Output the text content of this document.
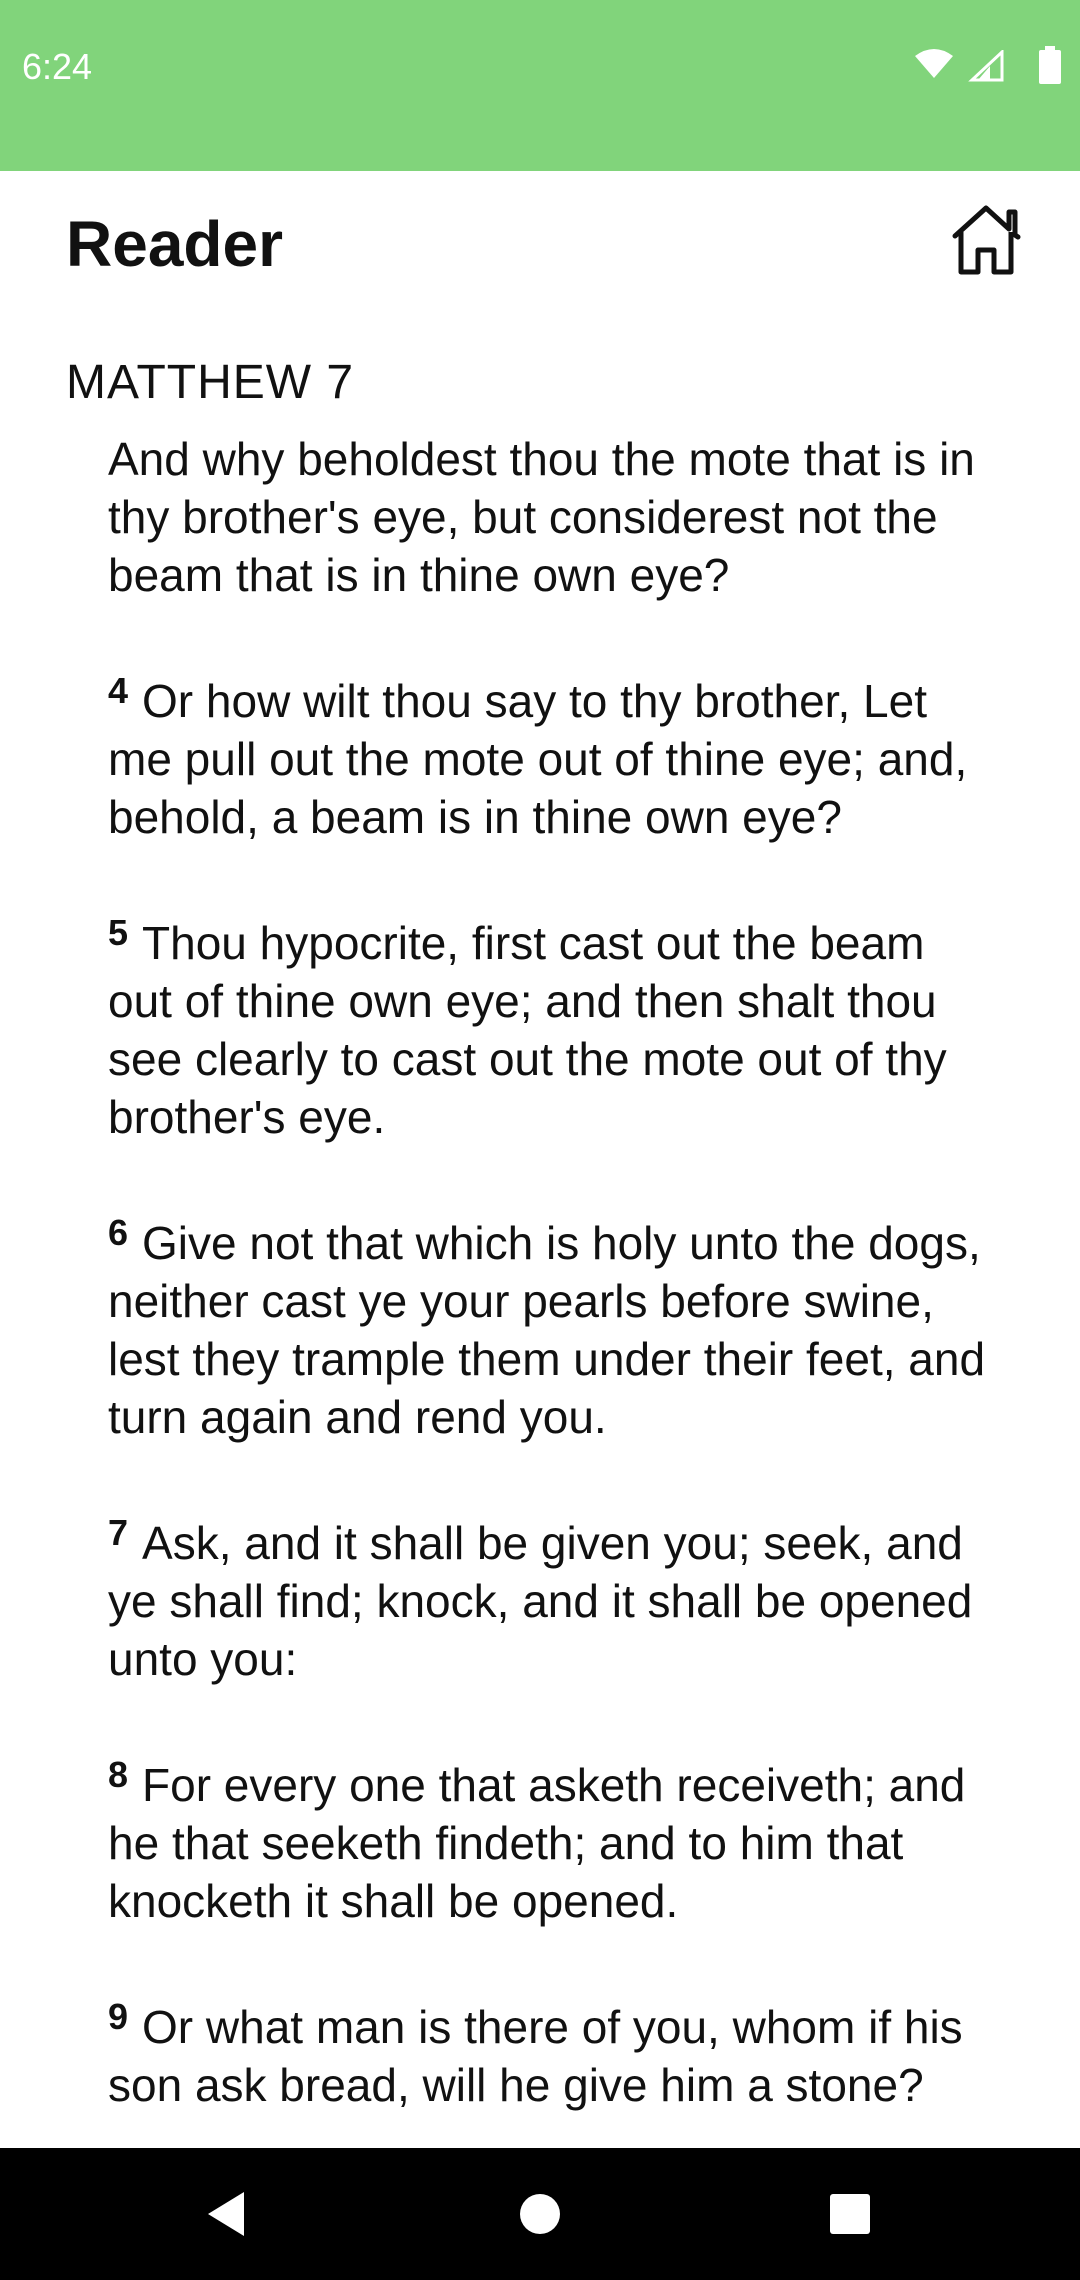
6:24
Reader
MATTHEW 7

And why beholdest thou the mote that is in thy brother's eye, but considerest not the beam that is in thine own eye?

$^4$ Or how wilt thou say to thy brother, Let me pull out the mote out of thine eye; and, behold, a beam is in thine own eye?

$^5$ Thou hypocrite, first cast out the beam out of thine own eye; and then shalt thou see clearly to cast out the mote out of thy brother's eye.

$^6$ Give not that which is holy unto the dogs, neither cast ye your pearls before swine, lest they trample them under their feet, and turn again and rend you.

$^7$ Ask, and it shall be given you; seek, and ye shall find; knock, and it shall be opened unto you:

$^8$ For every one that asketh receiveth; and he that seeketh findeth; and to him that knocketh it shall be opened.

$^9$ Or what man is there of you, whom if his son ask bread, will he give him a stone?
